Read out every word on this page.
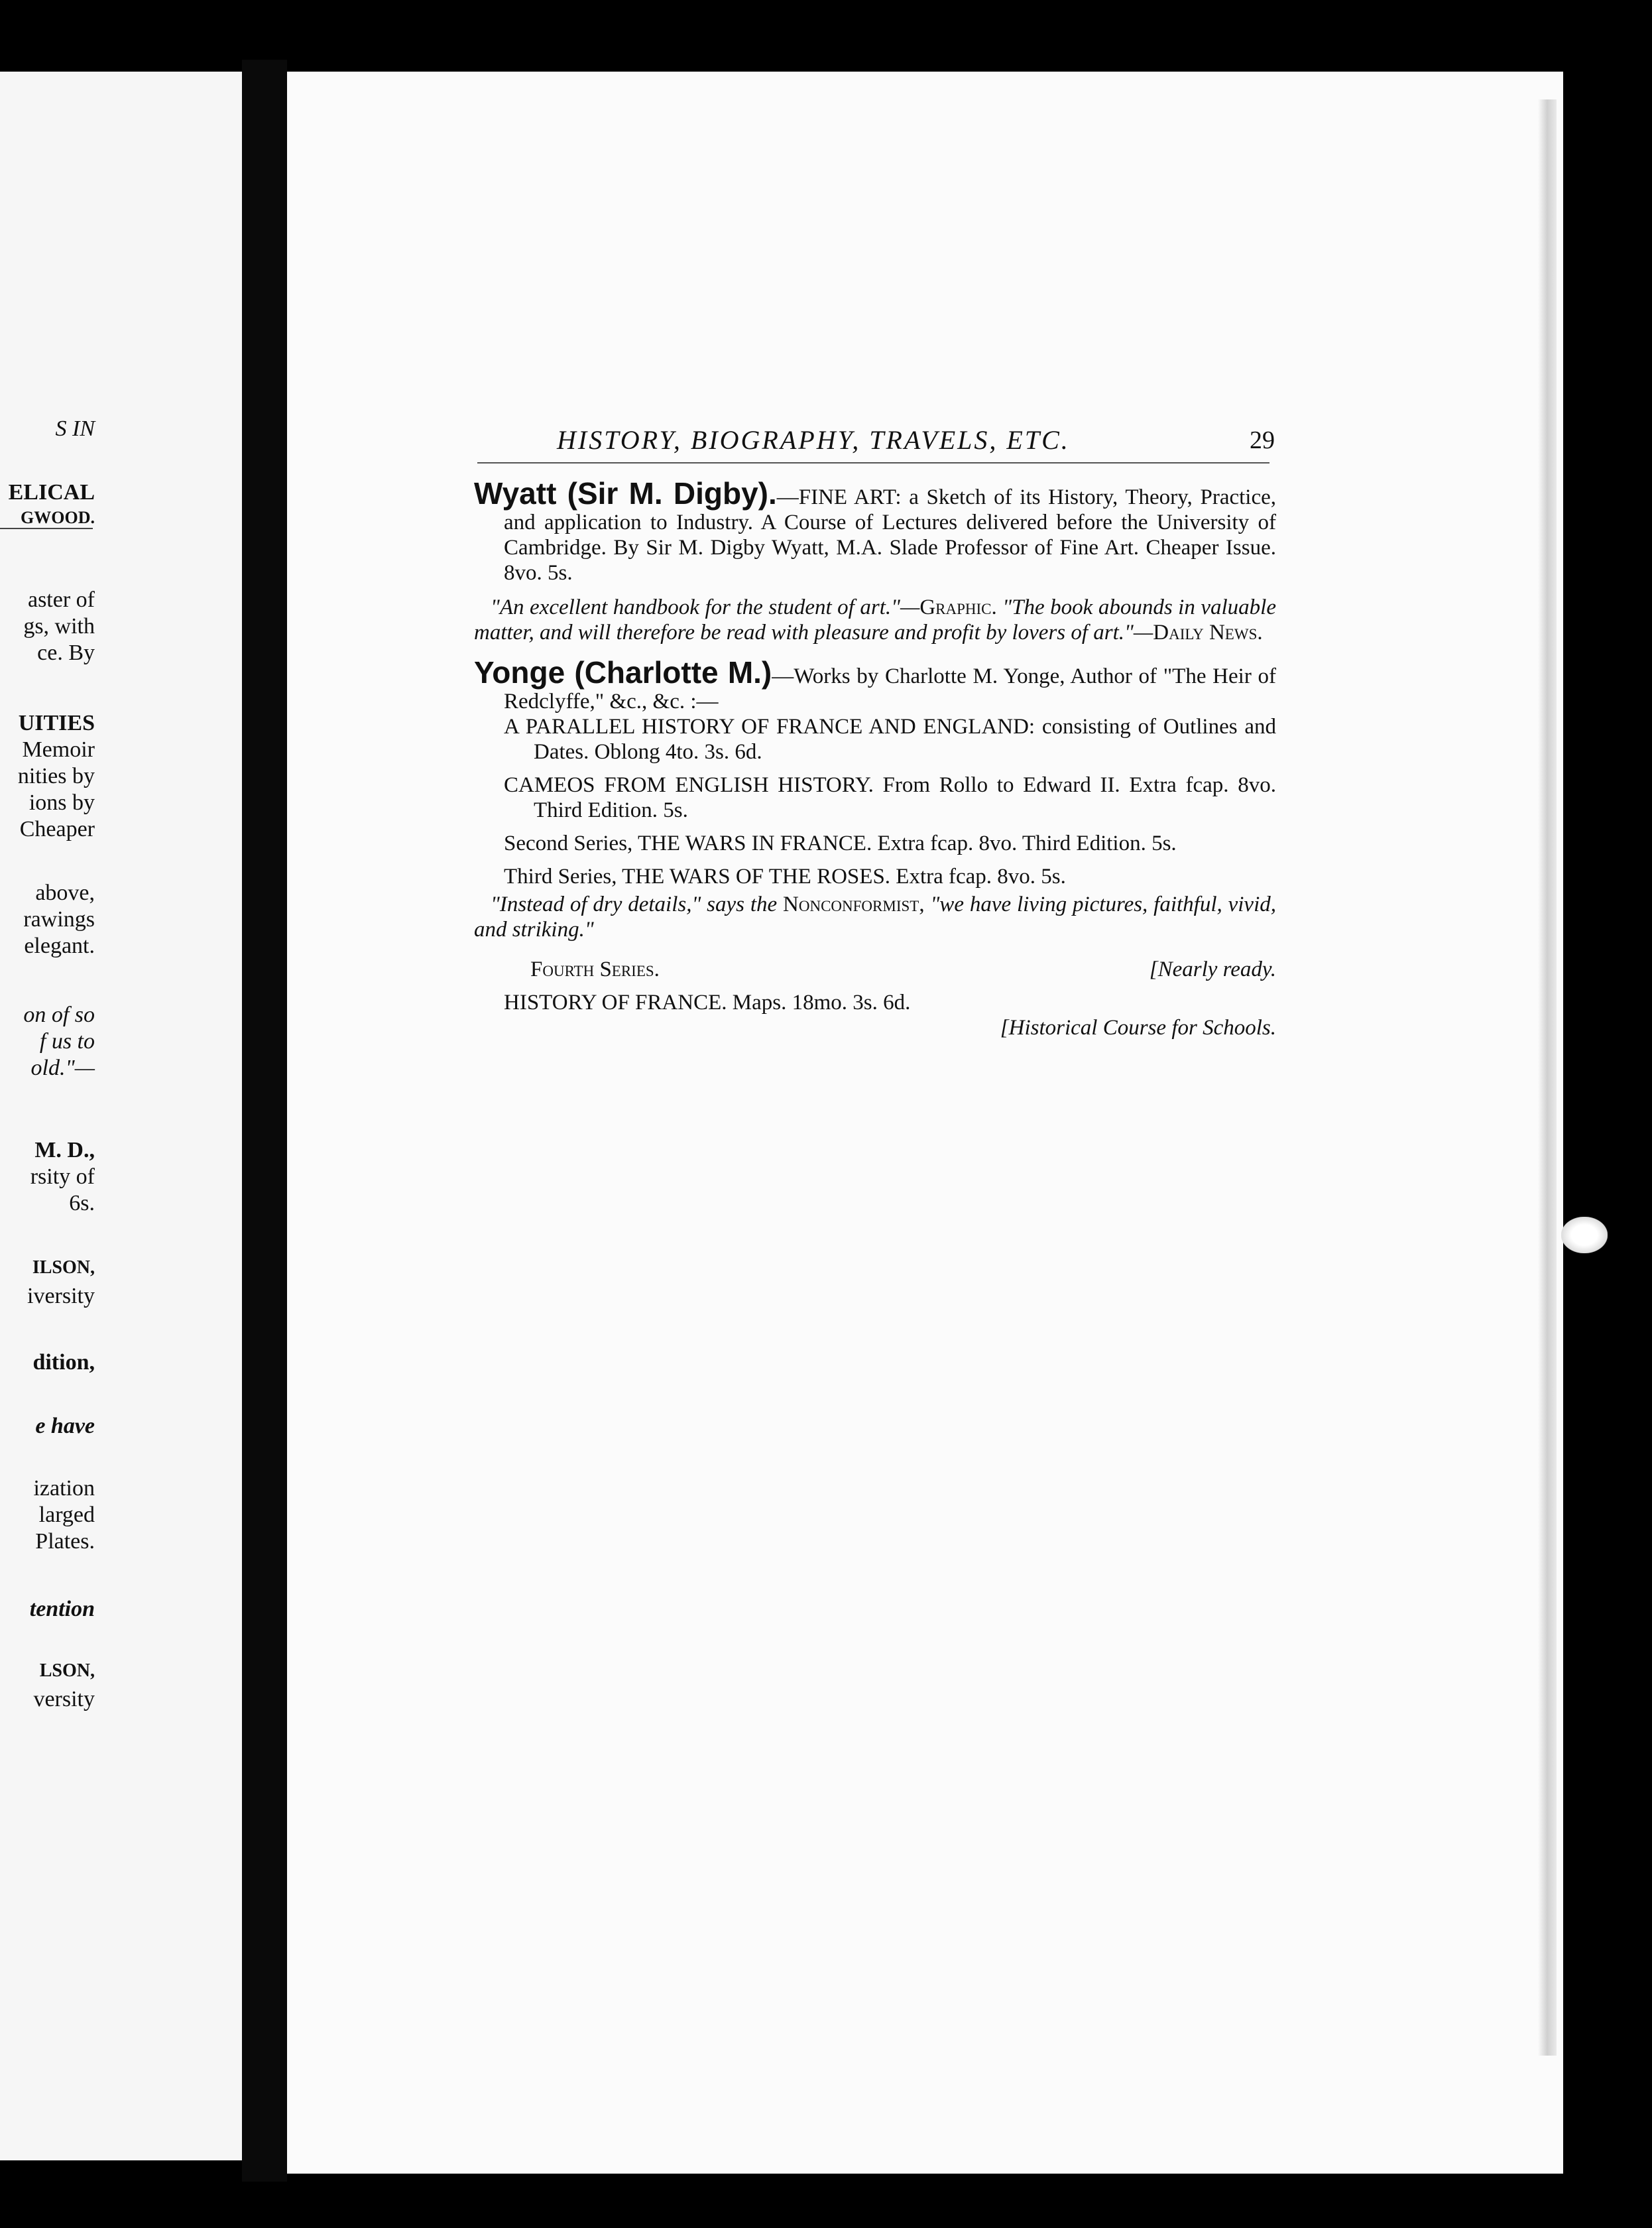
S IN
ELICAL
GWOOD.
aster of
gs, with
ce. By
UITIES
Memoir
nities by
ions by
Cheaper
above,
rawings
elegant.
on of so
f us to
old."—
M. D.,
rsity of
6s.
ILSON,
iversity
dition,
e have
ization
larged
Plates.
tention
LSON,
versity
HISTORY, BIOGRAPHY, TRAVELS, ETC.	29

Wyatt (Sir M. Digby).—FINE ART: a Sketch of its History, Theory, Practice, and application to Industry. A Course of Lectures delivered before the University of Cambridge. By Sir M. Digby Wyatt, M.A. Slade Professor of Fine Art. Cheaper Issue. 8vo. 5s.

"An excellent handbook for the student of art."—Graphic. "The book abounds in valuable matter, and will therefore be read with pleasure and profit by lovers of art."—Daily News.

Yonge (Charlotte M.)—Works by Charlotte M. Yonge, Author of "The Heir of Redclyffe," &c., &c. :—

A PARALLEL HISTORY OF FRANCE AND ENGLAND: consisting of Outlines and Dates. Oblong 4to. 3s. 6d.

CAMEOS FROM ENGLISH HISTORY. From Rollo to Edward II. Extra fcap. 8vo. Third Edition. 5s.

Second Series, THE WARS IN FRANCE. Extra fcap. 8vo. Third Edition. 5s.

Third Series, THE WARS OF THE ROSES. Extra fcap. 8vo. 5s.

"Instead of dry details," says the Nonconformist, "we have living pictures, faithful, vivid, and striking."

Fourth Series.	[Nearly ready.

HISTORY OF FRANCE. Maps. 18mo. 3s. 6d.

[Historical Course for Schools.
